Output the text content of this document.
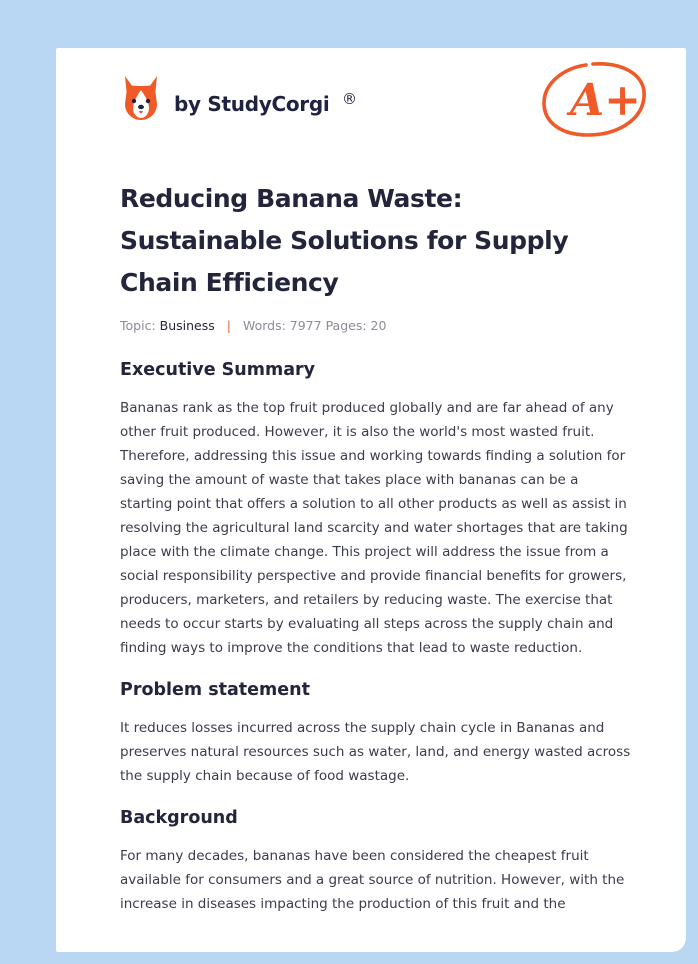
by StudyCorgi ®	A+
Reducing Banana Waste: Sustainable Solutions for Supply Chain Efficiency
Topic: Business | Words: 7977 Pages: 20
Executive Summary

Bananas rank as the top fruit produced globally and are far ahead of any other fruit produced. However, it is also the world's most wasted fruit. Therefore, addressing this issue and working towards finding a solution for saving the amount of waste that takes place with bananas can be a starting point that offers a solution to all other products as well as assist in resolving the agricultural land scarcity and water shortages that are taking place with the climate change. This project will address the issue from a social responsibility perspective and provide financial benefits for growers, producers, marketers, and retailers by reducing waste. The exercise that needs to occur starts by evaluating all steps across the supply chain and finding ways to improve the conditions that lead to waste reduction.

Problem statement

It reduces losses incurred across the supply chain cycle in Bananas and preserves natural resources such as water, land, and energy wasted across the supply chain because of food wastage.

Background

For many decades, bananas have been considered the cheapest fruit available for consumers and a great source of nutrition. However, with the increase in diseases impacting the production of this fruit and the
